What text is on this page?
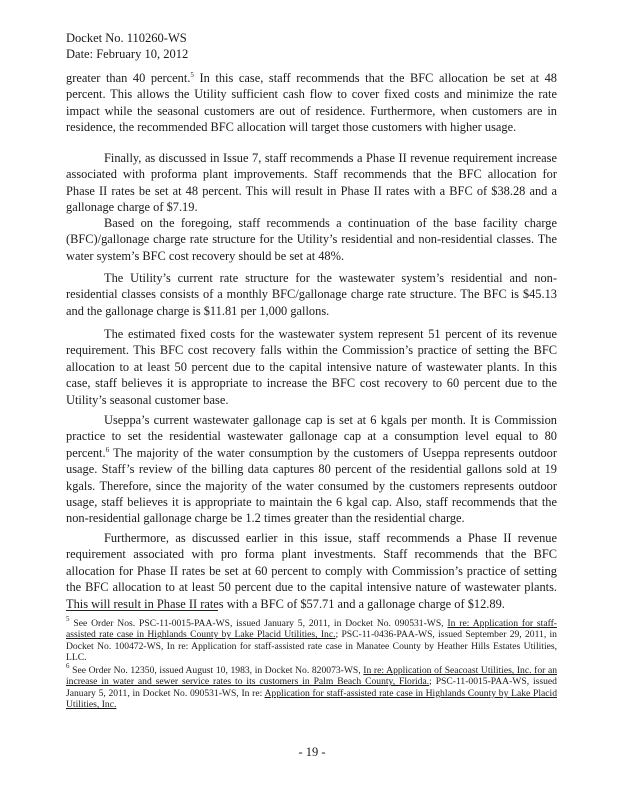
Docket No. 110260-WS
Date: February 10, 2012
greater than 40 percent.$^5$ In this case, staff recommends that the BFC allocation be set at 48 percent. This allows the Utility sufficient cash flow to cover fixed costs and minimize the rate impact while the seasonal customers are out of residence. Furthermore, when customers are in residence, the recommended BFC allocation will target those customers with higher usage.
Finally, as discussed in Issue 7, staff recommends a Phase II revenue requirement increase associated with proforma plant improvements. Staff recommends that the BFC allocation for Phase II rates be set at 48 percent. This will result in Phase II rates with a BFC of $38.28 and a gallonage charge of $7.19.
Based on the foregoing, staff recommends a continuation of the base facility charge (BFC)/gallonage charge rate structure for the Utility’s residential and non-residential classes. The water system’s BFC cost recovery should be set at 48%.
The Utility’s current rate structure for the wastewater system’s residential and non-residential classes consists of a monthly BFC/gallonage charge rate structure. The BFC is $45.13 and the gallonage charge is $11.81 per 1,000 gallons.
The estimated fixed costs for the wastewater system represent 51 percent of its revenue requirement. This BFC cost recovery falls within the Commission’s practice of setting the BFC allocation to at least 50 percent due to the capital intensive nature of wastewater plants. In this case, staff believes it is appropriate to increase the BFC cost recovery to 60 percent due to the Utility’s seasonal customer base.
Useppa’s current wastewater gallonage cap is set at 6 kgals per month. It is Commission practice to set the residential wastewater gallonage cap at a consumption level equal to 80 percent.$^6$ The majority of the water consumption by the customers of Useppa represents outdoor usage. Staff’s review of the billing data captures 80 percent of the residential gallons sold at 19 kgals. Therefore, since the majority of the water consumed by the customers represents outdoor usage, staff believes it is appropriate to maintain the 6 kgal cap. Also, staff recommends that the non-residential gallonage charge be 1.2 times greater than the residential charge.
Furthermore, as discussed earlier in this issue, staff recommends a Phase II revenue requirement associated with pro forma plant investments. Staff recommends that the BFC allocation for Phase II rates be set at 60 percent to comply with Commission’s practice of setting the BFC allocation to at least 50 percent due to the capital intensive nature of wastewater plants. This will result in Phase II rates with a BFC of $57.71 and a gallonage charge of $12.89.
$^5$ See Order Nos. PSC-11-0015-PAA-WS, issued January 5, 2011, in Docket No. 090531-WS, In re: Application for staff-assisted rate case in Highlands County by Lake Placid Utilities, Inc.; PSC-11-0436-PAA-WS, issued September 29, 2011, in Docket No. 100472-WS, In re: Application for staff-assisted rate case in Manatee County by Heather Hills Estates Utilities, LLC.
$^6$ See Order No. 12350, issued August 10, 1983, in Docket No. 820073-WS, In re: Application of Seacoast Utilities, Inc. for an increase in water and sewer service rates to its customers in Palm Beach County, Florida.; PSC-11-0015-PAA-WS, issued January 5, 2011, in Docket No. 090531-WS, In re: Application for staff-assisted rate case in Highlands County by Lake Placid Utilities, Inc.
- 19 -
